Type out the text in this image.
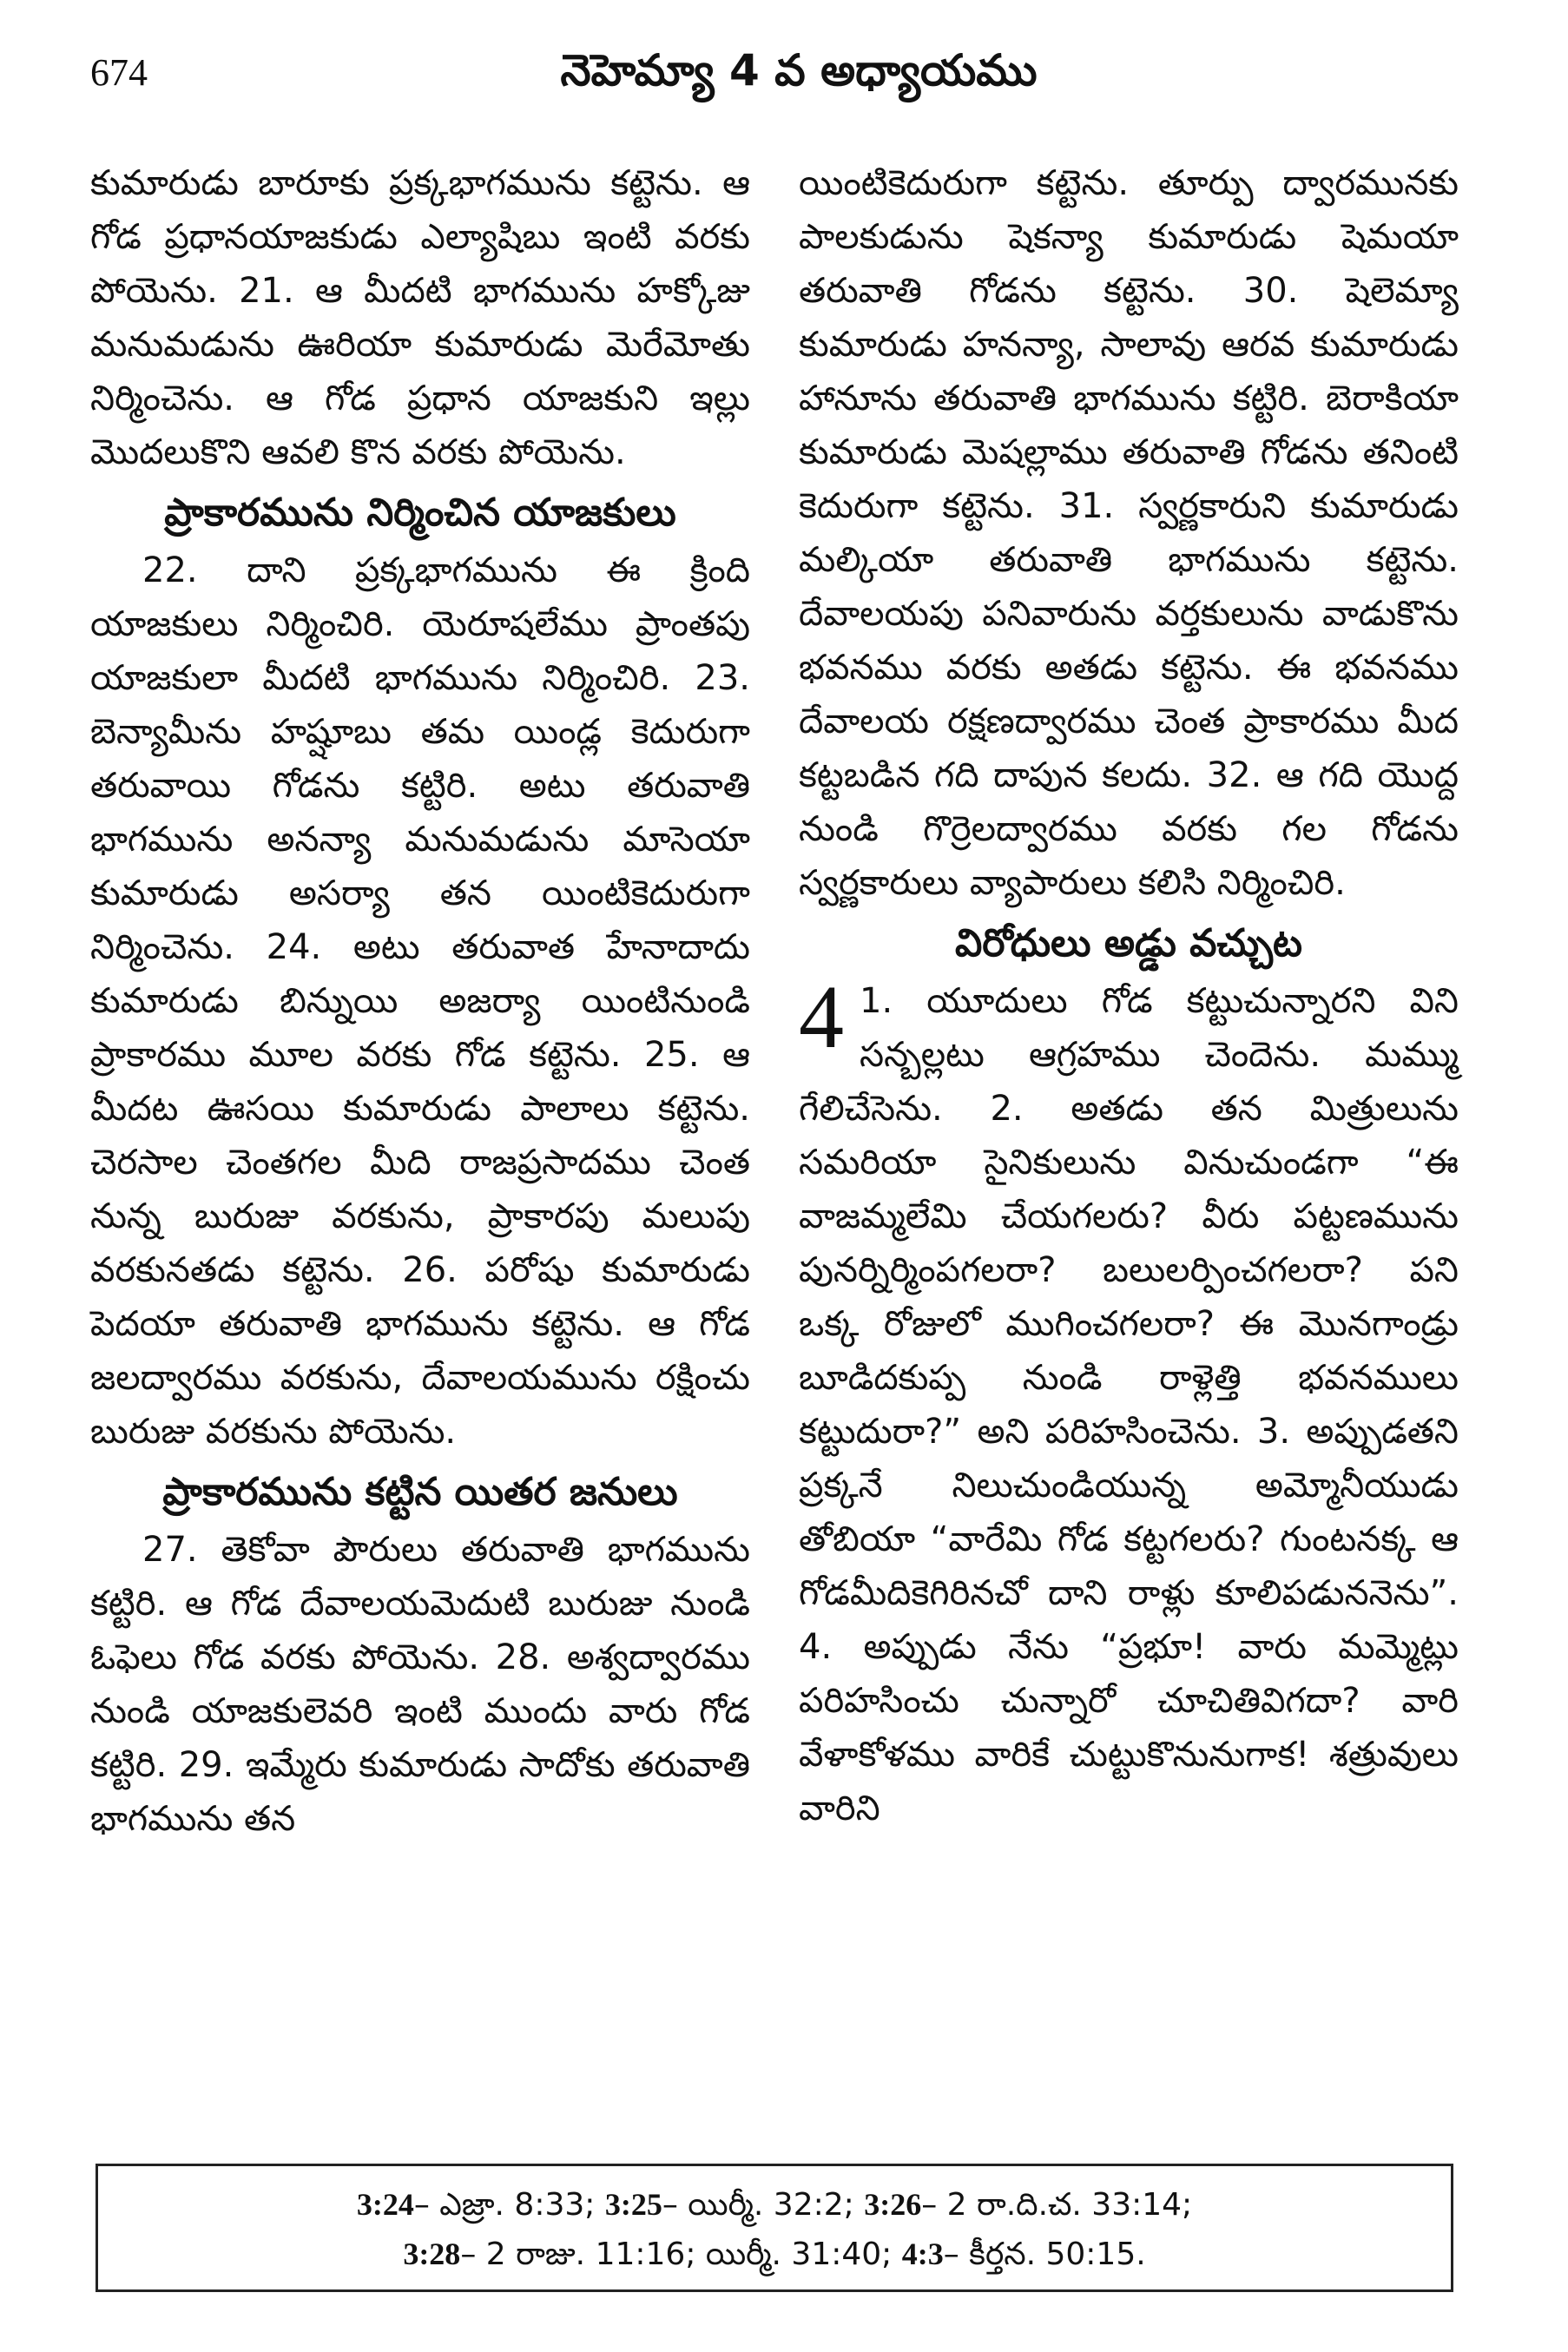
674	నెహెమ్యా 4 వ అధ్యాయము

కుమారుడు బారూకు ప్రక్కభాగమును కట్టెను. ఆ గోడ ప్రధానయాజకుడు ఎల్యాషిబు ఇంటి వరకు పోయెను. 21. ఆ మీదటి భాగమును హక్కోజు మనుమడును ఊరియా కుమారుడు మెరేమోతు నిర్మించెను. ఆ గోడ ప్రధాన యాజకుని ఇల్లు మొదలుకొని ఆవలి కొన వరకు పోయెను.

ప్రాకారమును నిర్మించిన యాజకులు

22. దాని ప్రక్కభాగమును ఈ క్రింది యాజకులు నిర్మించిరి. యెరూషలేము ప్రాంతపు యాజకులా మీదటి భాగమును నిర్మించిరి. 23. బెన్యామీను హష్షూబు తమ యిండ్ల కెదురుగా తరువాయి గోడను కట్టిరి. అటు తరువాతి భాగమును అనన్యా మనుమడును మాసెయా కుమారుడు అసర్యా తన యింటికెదురుగా నిర్మించెను. 24. అటు తరువాత హేనాదాదు కుమారుడు బిన్నుయి అజర్యా యింటినుండి ప్రాకారము మూల వరకు గోడ కట్టెను. 25. ఆ మీదట ఊసయి కుమారుడు పాలాలు కట్టెను. చెరసాల చెంతగల మీది రాజప్రసాదము చెంత నున్న బురుజు వరకును, ప్రాకారపు మలుపు వరకునతడు కట్టెను. 26. పరోషు కుమారుడు పెదయా తరువాతి భాగమును కట్టెను. ఆ గోడ జలద్వారము వరకును, దేవాలయమును రక్షించు బురుజు వరకును పోయెను.

ప్రాకారమును కట్టిన యితర జనులు

27. తెకోవా పౌరులు తరువాతి భాగమును కట్టిరి. ఆ గోడ దేవాలయమెదుటి బురుజు నుండి ఓఫెలు గోడ వరకు పోయెను. 28. అశ్వద్వారము నుండి యాజకులెవరి ఇంటి ముందు వారు గోడ కట్టిరి. 29. ఇమ్మేరు కుమారుడు సాదోకు తరువాతి భాగమును తన

యింటికెదురుగా కట్టెను. తూర్పు ద్వారమునకు పాలకుడును షెకన్యా కుమారుడు షెమయా తరువాతి గోడను కట్టెను. 30. షెలెమ్యా కుమారుడు హనన్యా, సాలావు ఆరవ కుమారుడు హానూను తరువాతి భాగమును కట్టిరి. బెరాకియా కుమారుడు మెషల్లాము తరువాతి గోడను తనింటి కెదురుగా కట్టెను. 31. స్వర్ణకారుని కుమారుడు మల్కియా తరువాతి భాగమును కట్టెను. దేవాలయపు పనివారును వర్తకులును వాడుకొను భవనము వరకు అతడు కట్టెను. ఈ భవనము దేవాలయ రక్షణద్వారము చెంత ప్రాకారము మీద కట్టబడిన గది దాపున కలదు. 32. ఆ గది యొద్ద నుండి గొర్రెలద్వారము వరకు గల గోడను స్వర్ణకారులు వ్యాపారులు కలిసి నిర్మించిరి.

విరోధులు అడ్డు వచ్చుట
4 1. యూదులు గోడ కట్టుచున్నారని విని సన్బల్లటు ఆగ్రహము చెందెను. మమ్ము గేలిచేసెను. 2. అతడు తన మిత్రులును సమరియా సైనికులును వినుచుండగా “ఈ వాజమ్మలేమి చేయగలరు? వీరు పట్టణమును పునర్నిర్మింపగలరా? బలులర్పించగలరా? పని ఒక్క రోజులో ముగించగలరా? ఈ మొనగాండ్రు బూడిదకుప్ప నుండి రాళ్లెత్తి భవనములు కట్టుదురా?” అని పరిహసించెను. 3. అప్పుడతని ప్రక్కనే నిలుచుండియున్న అమ్మోనీయుడు తోబియా “వారేమి గోడ కట్టగలరు? గుంటనక్క ఆ గోడమీదికెగిరినచో దాని రాళ్లు కూలిపడుననెను”. 4. అప్పుడు నేను “ప్రభూ! వారు మమ్మెట్లు పరిహసించు చున్నారో చూచితివిగదా? వారి వేళాకోళము వారికే చుట్టుకొనునుగాక! శత్రువులు వారిని

3:24– ఎజ్రా. 8:33; 3:25– యిర్మీ. 32:2; 3:26– 2 రా.ది.చ. 33:14;
3:28– 2 రాజు. 11:16; యిర్మీ. 31:40; 4:3– కీర్తన. 50:15.
